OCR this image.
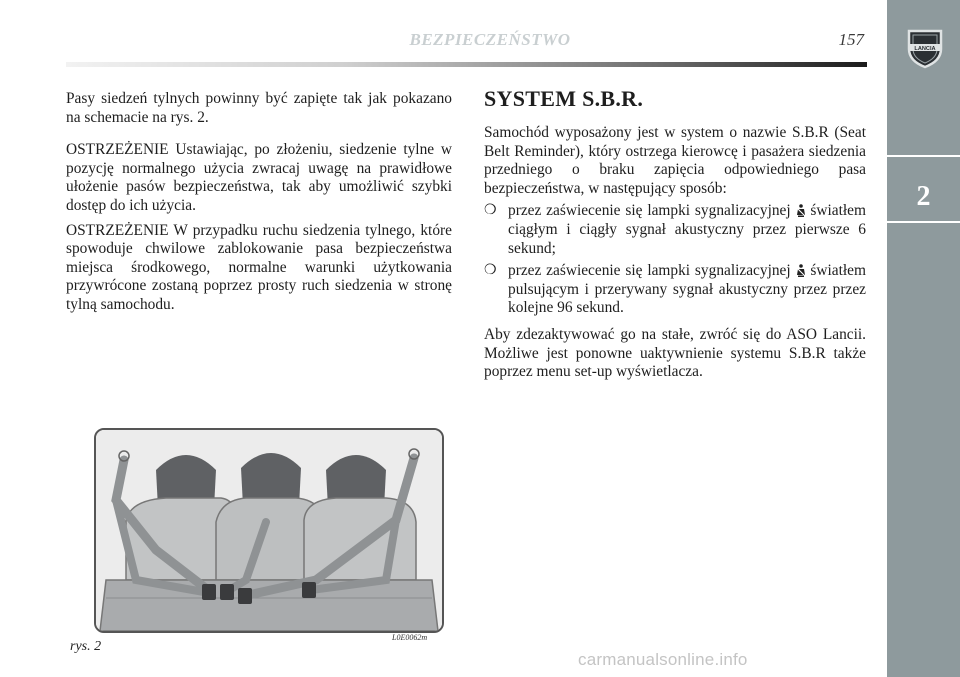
LANCIA
2
BEZPIECZEŃSTWO	157

Pasy siedzeń tylnych powinny być zapięte tak jak pokazano na schemacie na rys. 2.

OSTRZEŻENIE Ustawiając, po złożeniu, siedzenie tylne w pozycję normalnego użycia zwracaj uwagę na prawidłowe ułożenie pasów bezpieczeństwa, tak aby umożliwić szybki dostęp do ich użycia.

OSTRZEŻENIE W przypadku ruchu siedzenia tylnego, które spowoduje chwilowe zablokowanie pasa bezpieczeństwa miejsca środkowego, normalne warunki użytkowania przywrócone zostaną poprzez prosty ruch siedzenia w stronę tylną samochodu.

SYSTEM S.B.R.

Samochód wyposażony jest w system o nazwie S.B.R (Seat Belt Reminder), który ostrzega kierowcę i pasażera siedzenia przedniego o braku zapięcia odpowiedniego pasa bezpieczeństwa, w następujący sposób:

❍ przez zaświecenie się lampki sygnalizacyjnej światłem ciągłym i ciągły sygnał akustyczny przez pierwsze 6 sekund;
❍ przez zaświecenie się lampki sygnalizacyjnej światłem pulsującym i przerywany sygnał akustyczny przez przez kolejne 96 sekund.

Aby zdezaktywować go na stałe, zwróć się do ASO Lancii. Możliwe jest ponowne uaktywnienie systemu S.B.R także poprzez menu set-up wyświetlacza.

rys. 2
L0E0062m
carmanualsonline.info
